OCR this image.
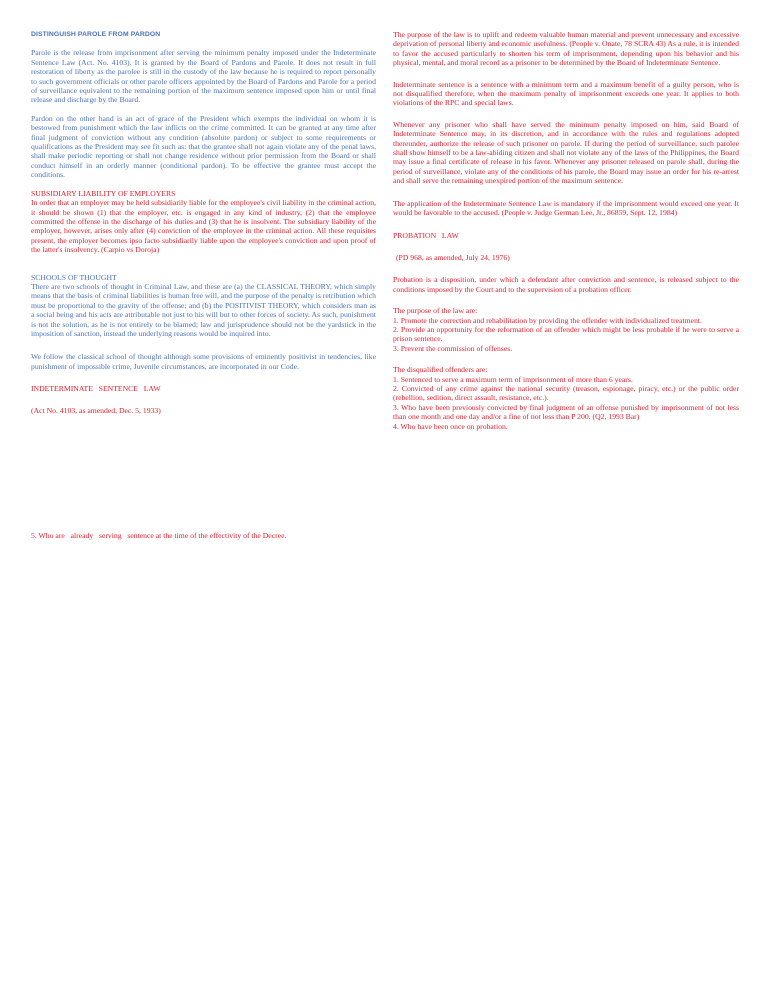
DISTINGUISH PAROLE FROM PARDON

Parole is the release from imprisonment after serving the minimum penalty imposed under the Indeterminate Sentence Law (Act. No. 4103). It is granted by the Board of Pardons and Parole. It does not result in full restoration of liberty as the parolee is still in the custody of the law because he is required to report personally to such government officials or other parole officers appointed by the Board of Pardons and Parole for a period of surveillance equivalent to the remaining portion of the maximum sentence imposed upon him or until final release and discharge by the Board.

Pardon on the other hand is an act of grace of the President which exempts the individual on whom it is bestowed from punishment which the law inflicts on the crime committed. It can be granted at any time after final judgment of conviction without any condition (absolute pardon) or subject to some requirements or qualifications as the President may see fit such as: that the grantee shall not again violate any of the penal laws, shall make periodic reporting or shall not change residence without prior permission from the Board or shall conduct himself in an orderly manner (conditional pardon). To be effective the grantee must accept the conditions.

SUBSIDIARY LIABILITY OF EMPLOYERS

In order that an employer may be held subsidiarily liable for the employee's civil liability in the criminal action, it should be shown (1) that the employer, etc. is engaged in any kind of industry, (2) that the employee committed the offense in the discharge of his duties and (3) that he is insolvent. The subsidiary liability of the employer, however, arises only after (4) conviction of the employee in the criminal action. All these requisites present, the employer becomes ipso facto subsidiarily liable upon the employee's conviction and upon proof of the latter's insolvency. (Carpio vs Doroja)

SCHOOLS OF THOUGHT

There are two schools of thought in Criminal Law, and these are (a) the CLASSICAL THEORY, which simply means that the basis of criminal liabilities is human free will, and the purpose of the penalty is retribution which must be proportional to the gravity of the offense; and (b) the POSITIVIST THEORY, which considers man as a social being and his acts are attributable not just to his will but to other forces of society. As such, punishment is not the solution, as he is not entirely to be blamed; law and jurisprudence should not be the yardstick in the imposition of sanction, instead the underlying reasons would be inquired into.

We follow the classical school of thought although some provisions of eminently positivist in tendencies, like punishment of impossible crime, Juvenile circumstances, are incorporated in our Code.

INDETERMINATE   SENTENCE   LAW

(Act No. 4103, as amended, Dec. 5, 1933)

5. Who are   already   serving   sentence at the time of the effectivity of the Decree.

The purpose of the law is to uplift and redeem valuable human material and prevent unnecessary and excessive deprivation of personal liberty and economic usefulness. (People v. Onate, 78 SCRA 43) As a rule, it is intended to favor the accused particularly to shorten his term of imprisonment, depending upon his behavior and his physical, mental, and moral record as a prisoner to be determined by the Board of Indeterminate Sentence.

Indeterminate sentence is a sentence with a minimum term and a maximum benefit of a guilty person, who is not disqualified therefore, when the maximum penalty of imprisonment exceeds one year. It applies to both violations of the RPC and special laws.

Whenever any prisoner who shall have served the minimum penalty imposed on him, said Board of Indeterminate Sentence may, in its discretion, and in accordance with the rules and regulations adopted thereunder, authorize the release of such prisoner on parole. If during the period of surveillance, such parolee shall show himself to be a law-abiding citizen and shall not violate any of the laws of the Philippines, the Board may issue a final certificate of release in his favor. Whenever any prisoner released on parole shall, during the period of surveillance, violate any of the conditions of his parole, the Board may issue an order for his re-arrest and shall serve the remaining unexpired portion of the maximum sentence.

The application of the Indeterminate Sentence Law is mandatory if the imprisonment would exceed one year. It would be favorable to the accused. (People v. Judge German Lee, Jr., 86859, Sept. 12, 1984)

PROBATION   LAW

(PD 968, as amended, July 24, 1976)

Probation is a disposition, under which a defendant after conviction and sentence, is released subject to the conditions imposed by the Court and to the supervision of a probation officer.

The purpose of the law are:

1. Promote the correction and rehabilitation by providing the offender with individualized treatment.

2. Provide an opportunity for the reformation of an offender which might be less probable if he were to serve a prison sentence.

3. Prevent the commission of offenses.

The disqualified offenders are:

1. Sentenced to serve a maximum term of imprisonment of more than 6 years.

2. Convicted of any crime against the national security (treason, espionage, piracy, etc.) or the public order (rebellion, sedition, direct assault, resistance, etc.).

3. Who have been previously convicted by final judgment of an offense punished by imprisonment of not less than one month and one day and/or a fine of not less than P 200. (Q2, 1993 Bar)

4. Who have been once on probation.
